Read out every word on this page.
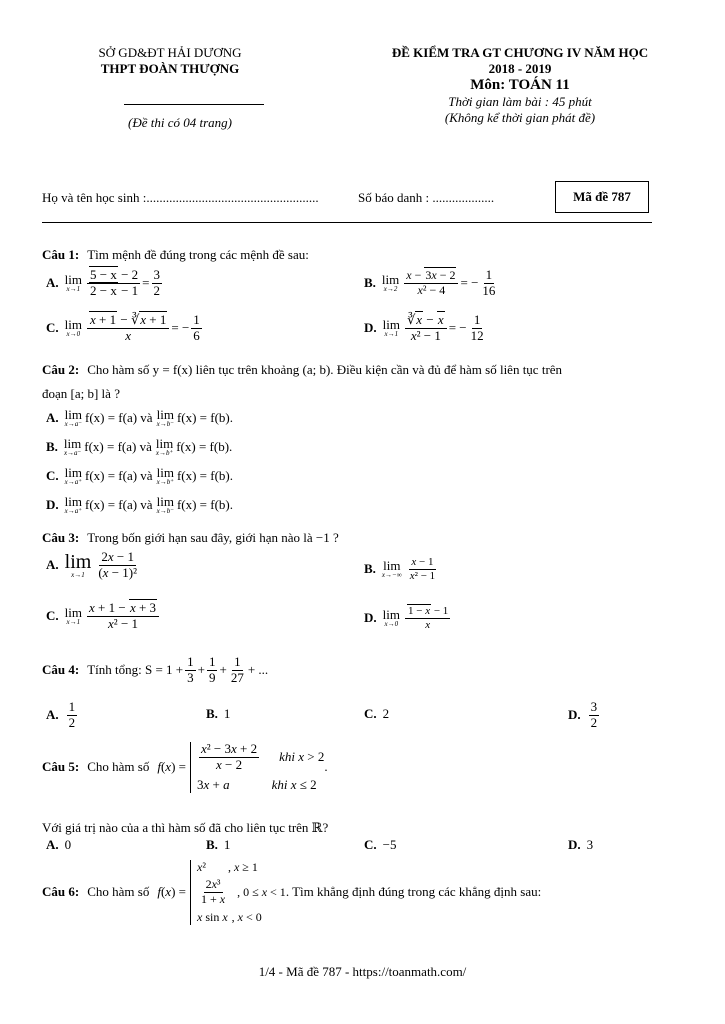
SỞ GD&ĐT HẢI DƯƠNG
THPT ĐOÀN THƯỢNG
(Đề thi có 04 trang)
ĐỀ KIỂM TRA GT CHƯƠNG IV NĂM HỌC
2018 - 2019
Môn: TOÁN 11
Thời gian làm bài : 45 phút
(Không kể thời gian phát đề)
Họ và tên học sinh :.....................................................	Số báo danh : ...................	Mã đề 787
Câu 1: Tìm mệnh đề đúng trong các mệnh đề sau:
A. lim
$x\to 1 \frac{5 - x - 2}{2 - x - 1} = \frac{3}{2}$	B. lim
$x\to 2 \frac{x - 3x - 2}{\text{x² − 4}}$ = − $\frac{1}{16}$
C. lim
$x\to 0 \frac{x + 1 - ∛x + 1}{x}$ = − $\frac{1}{6}$	D. lim
$x\to 1 \frac{∛x - x}{\text{x² − 1}}$ = − $\frac{1}{12}$
Câu 2: Cho hàm số y = f(x) liên tục trên khoảng (a; b). Điều kiện cần và đủ để hàm số liên tục trên
đoạn [a; b] là ?
A. lim
x→a⁻ f(x) = f(a) và lim
x→b⁻ f(x) = f(b).
B. lim
x→a⁻ f(x) = f(a) và lim
x→b⁺ f(x) = f(b).
C. lim
x→a⁺ f(x) = f(a) và lim
x→b⁺ f(x) = f(b).
D. lim
x→a⁺ f(x) = f(a) và lim
x→b⁻ f(x) = f(b).
Câu 3: Trong bốn giới hạn sau đây, giới hạn nào là −1 ?
A. lim
$x\to 1 \frac{2x - 1}{\text{(x − 1)²}}$	B. lim
$x\to-\infty \frac{x - 1}{\text{x² − 1}}$
C. lim
$x\to 1 \frac{x + 1 - x + 3}{\text{x² − 1}}$	D. lim
$x\to 0 \frac{1 - x - 1}{x}$
Câu 4: Tính tổng: $S = 1 + \frac{1}{3} + \frac{1}{9} + \frac{1}{27}$ + ...
A. $\frac{1}{2}$	B. 1	C. 2	D. $\frac{3}{2}$
Câu 5: Cho hàm số $f(x) = \frac{\text{x² − 3x + 2}}{x - 2}$ khi x > 2
3x + a	khi x ≤ 2
.
Với giá trị nào của a thì hàm số đã cho liên tục trên ℝ?
A. 0	B. 1	C. −5	D. 3
Câu 6: Cho hàm số f(x) =
x² , x ≥ 1
$\frac{\text{2x³}}{1 + x}$ , 0 ≤ x < 1
x sin x , x < 0
. Tìm khẳng định đúng trong các khẳng định sau:
1/4 - Mã đề 787 - https://toanmath.com/
